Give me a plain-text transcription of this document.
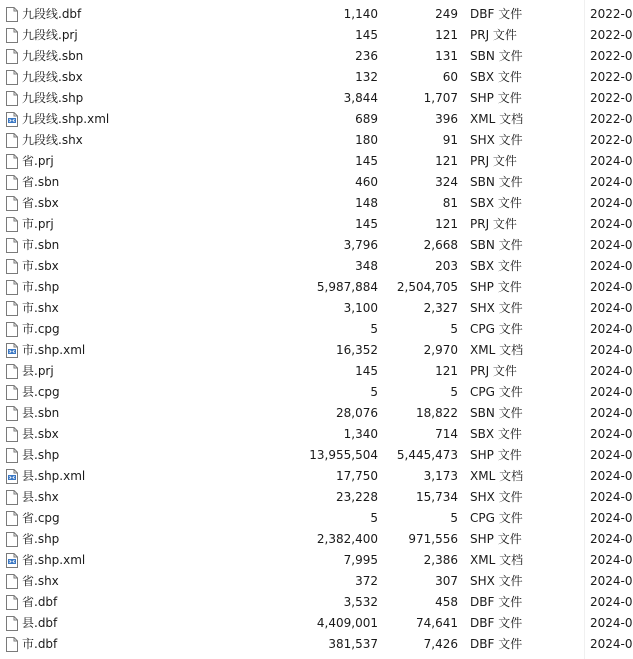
九段线.dbf	1,140	249 DBF 文件	2022-0
九段线.prj	145	121 PRJ 文件	2022-0
九段线.sbn	236	131 SBN 文件	2022-0
九段线.sbx	132	60 SBX 文件	2022-0
九段线.shp	3,844	1,707 SHP 文件	2022-0
九段线.shp.xml	689	396 XML 文档	2022-0
九段线.shx	180	91 SHX 文件	2022-0
省.prj	145	121 PRJ 文件	2024-0
省.sbn	460	324 SBN 文件	2024-0
省.sbx	148	81 SBX 文件	2024-0
市.prj	145	121 PRJ 文件	2024-0
市.sbn	3,796	2,668 SBN 文件	2024-0
市.sbx	348	203 SBX 文件	2024-0
市.shp	5,987,884	2,504,705 SHP 文件	2024-0
市.shx	3,100	2,327 SHX 文件	2024-0
市.cpg	5	5 CPG 文件	2024-0
市.shp.xml	16,352	2,970 XML 文档	2024-0
县.prj	145	121 PRJ 文件	2024-0
县.cpg	5	5 CPG 文件	2024-0
县.sbn	28,076	18,822 SBN 文件	2024-0
县.sbx	1,340	714 SBX 文件	2024-0
县.shp	13,955,504	5,445,473 SHP 文件	2024-0
县.shp.xml	17,750	3,173 XML 文档	2024-0
县.shx	23,228	15,734 SHX 文件	2024-0
省.cpg	5	5 CPG 文件	2024-0
省.shp	2,382,400	971,556 SHP 文件	2024-0
省.shp.xml	7,995	2,386 XML 文档	2024-0
省.shx	372	307 SHX 文件	2024-0
省.dbf	3,532	458 DBF 文件	2024-0
县.dbf	4,409,001	74,641 DBF 文件	2024-0
市.dbf	381,537	7,426 DBF 文件	2024-0
